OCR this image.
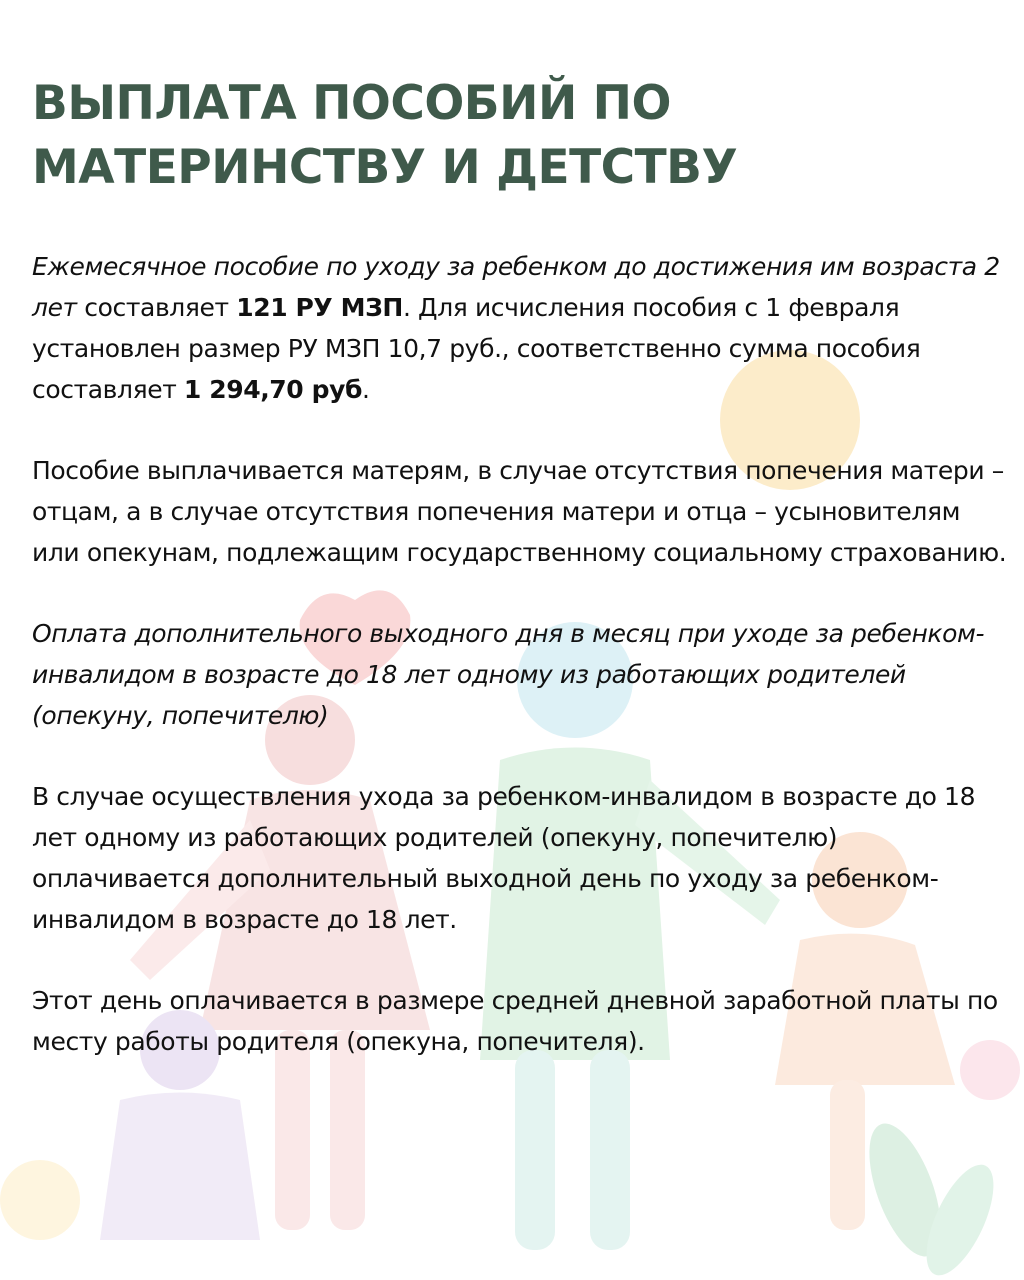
ВЫПЛАТА ПОСОБИЙ ПО
МАТЕРИНСТВУ И ДЕТСТВУ

Ежемесячное пособие по уходу за ребенком до достижения им возраста 2 лет составляет 121 РУ МЗП. Для исчисления пособия с 1 февраля установлен размер РУ МЗП 10,7 руб., соответственно сумма пособия составляет 1 294,70 руб.

Пособие выплачивается матерям, в случае отсутствия попечения матери – отцам, а в случае отсутствия попечения матери и отца – усыновителям или опекунам, подлежащим государственному социальному страхованию.

Оплата дополнительного выходного дня в месяц при уходе за ребенком-инвалидом в возрасте до 18 лет одному из работающих родителей (опекуну, попечителю)

В случае осуществления ухода за ребенком-инвалидом в возрасте до 18 лет одному из работающих родителей (опекуну, попечителю) оплачивается дополнительный выходной день по уходу за ребенком-инвалидом в возрасте до 18 лет.

Этот день оплачивается в размере средней дневной заработной платы по месту работы родителя (опекуна, попечителя).
